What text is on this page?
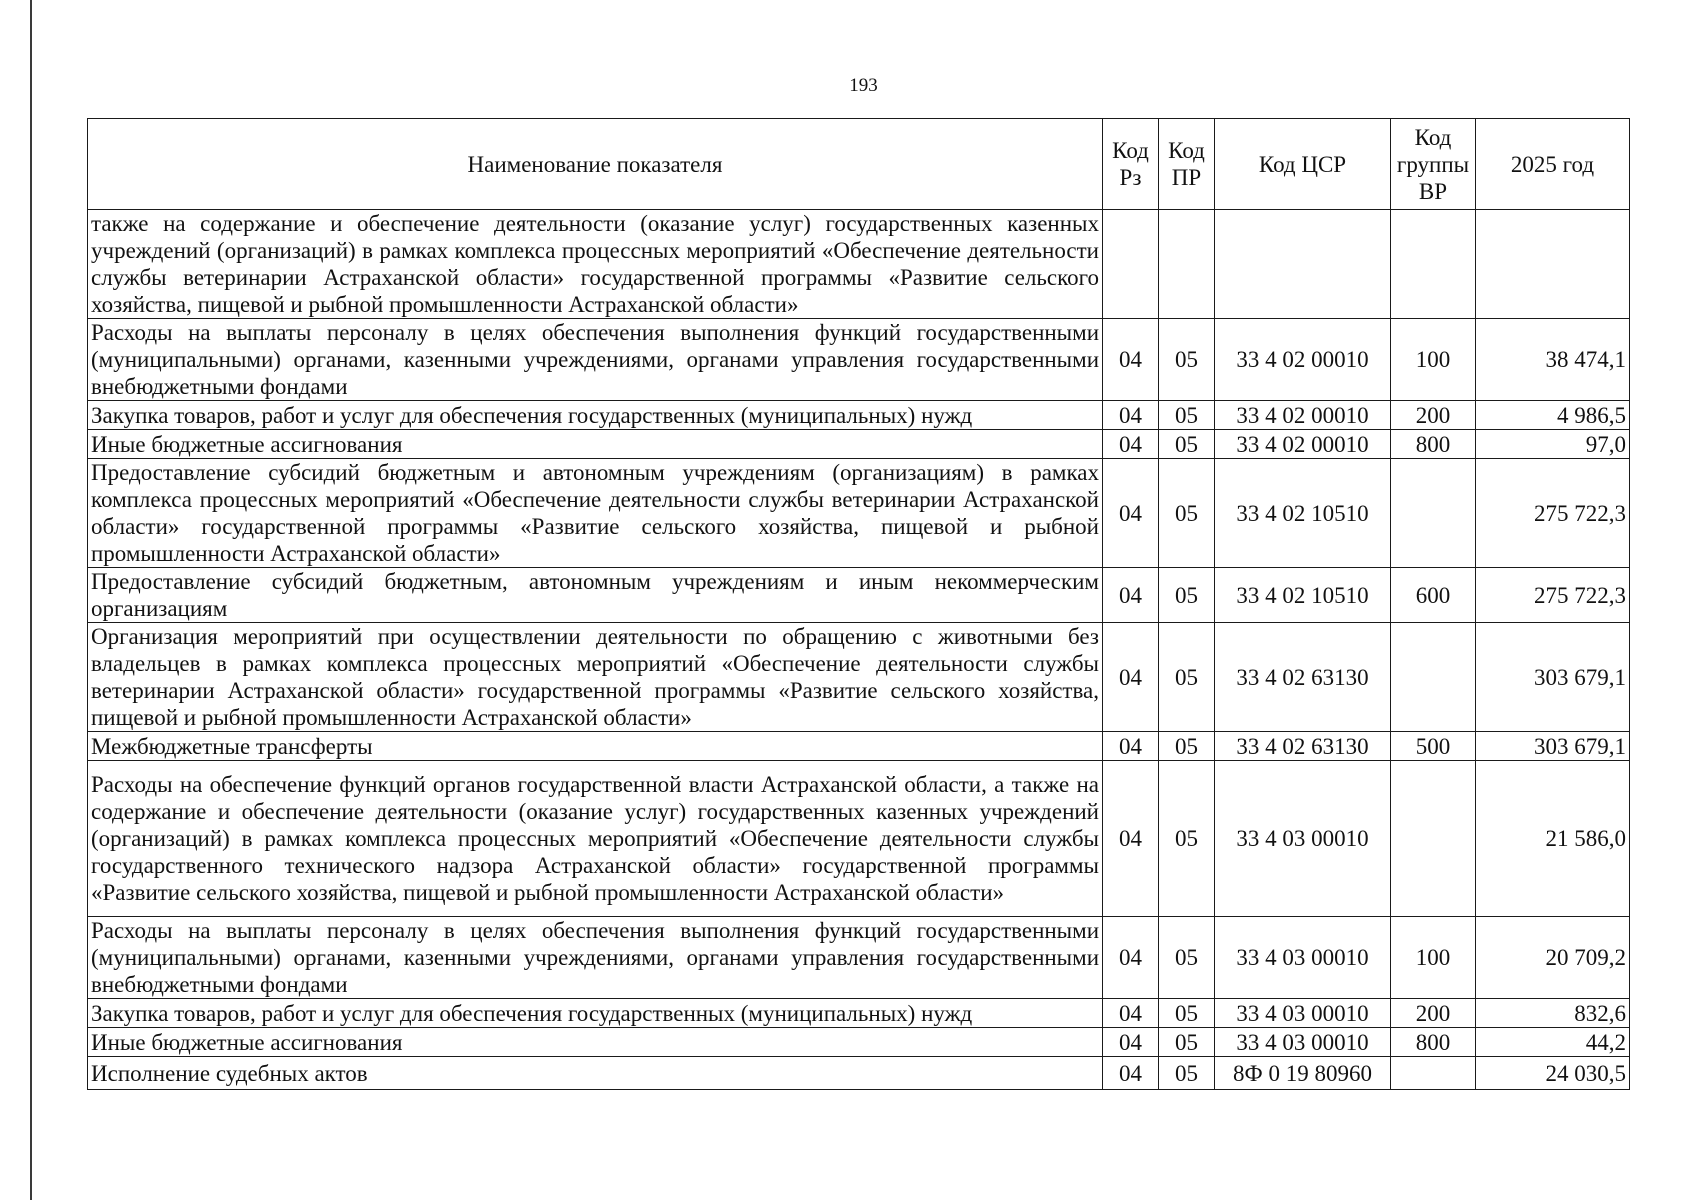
193
Наименование показателя	Код Рз	Код ПР	Код ЦСР	Код группы ВР	2025 год
также на содержание и обеспечение деятельности (оказание услуг) государственных казенных учреждений (организаций) в рамках комплекса процессных мероприятий «Обеспечение деятельности службы ветеринарии Астраханской области» государственной программы «Развитие сельского хозяйства, пищевой и рыбной промышленности Астраханской области»					
Расходы на выплаты персоналу в целях обеспечения выполнения функций государственными (муниципальными) органами, казенными учреждениями, органами управления государственными внебюджетными фондами	04	05	33 4 02 00010	100	38 474,1
Закупка товаров, работ и услуг для обеспечения государственных (муниципальных) нужд	04	05	33 4 02 00010	200	4 986,5
Иные бюджетные ассигнования	04	05	33 4 02 00010	800	97,0
Предоставление субсидий бюджетным и автономным учреждениям (организациям) в рамках комплекса процессных мероприятий «Обеспечение деятельности службы ветеринарии Астраханской области» государственной программы «Развитие сельского хозяйства, пищевой и рыбной промышленности Астраханской области»	04	05	33 4 02 10510		275 722,3
Предоставление субсидий бюджетным, автономным учреждениям и иным некоммерческим организациям	04	05	33 4 02 10510	600	275 722,3
Организация мероприятий при осуществлении деятельности по обращению с животными без владельцев в рамках комплекса процессных мероприятий «Обеспечение деятельности службы ветеринарии Астраханской области» государственной программы «Развитие сельского хозяйства, пищевой и рыбной промышленности Астраханской области»	04	05	33 4 02 63130		303 679,1
Межбюджетные трансферты	04	05	33 4 02 63130	500	303 679,1
Расходы на обеспечение функций органов государственной власти Астраханской области, а также на содержание и обеспечение деятельности (оказание услуг) государственных казенных учреждений (организаций) в рамках комплекса процессных мероприятий «Обеспечение деятельности службы государственного технического надзора Астраханской области» государственной программы «Развитие сельского хозяйства, пищевой и рыбной промышленности Астраханской области»	04	05	33 4 03 00010		21 586,0
Расходы на выплаты персоналу в целях обеспечения выполнения функций государственными (муниципальными) органами, казенными учреждениями, органами управления государственными внебюджетными фондами	04	05	33 4 03 00010	100	20 709,2
Закупка товаров, работ и услуг для обеспечения государственных (муниципальных) нужд	04	05	33 4 03 00010	200	832,6
Иные бюджетные ассигнования	04	05	33 4 03 00010	800	44,2
Исполнение судебных актов	04	05	8Ф 0 19 80960		24 030,5
